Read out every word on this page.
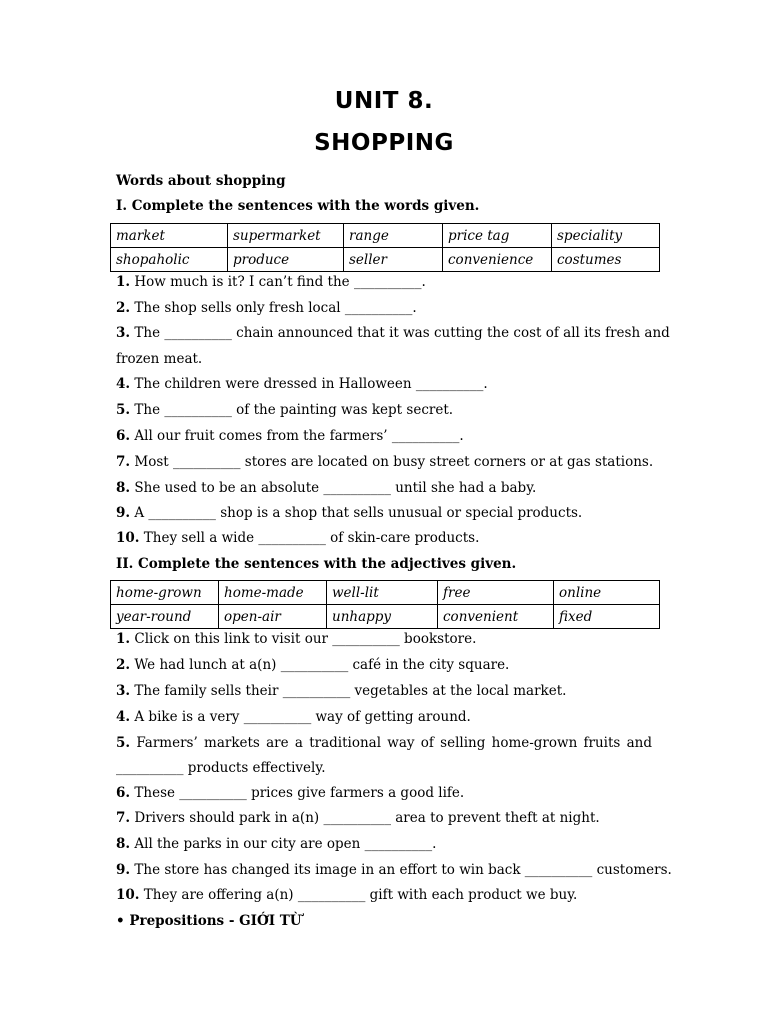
UNIT 8.
SHOPPING
Words about shopping
I. Complete the sentences with the words given.
market	supermarket	range	price tag	speciality
shopaholic	produce	seller	convenience	costumes
1. How much is it? I can’t find the __________.
2. The shop sells only fresh local __________.
3. The __________ chain announced that it was cutting the cost of all its fresh and
frozen meat.
4. The children were dressed in Halloween __________.
5. The __________ of the painting was kept secret.
6. All our fruit comes from the farmers’ __________.
7. Most __________ stores are located on busy street corners or at gas stations.
8. She used to be an absolute __________ until she had a baby.
9. A __________ shop is a shop that sells unusual or special products.
10. They sell a wide __________ of skin-care products.
II. Complete the sentences with the adjectives given.
home-grown	home-made	well-lit	free	online
year-round	open-air	unhappy	convenient	fixed
1. Click on this link to visit our __________ bookstore.
2. We had lunch at a(n) __________ café in the city square.
3. The family sells their __________ vegetables at the local market.
4. A bike is a very __________ way of getting around.
5. Farmers’ markets are a traditional way of selling home-grown fruits and
__________ products effectively.
6. These __________ prices give farmers a good life.
7. Drivers should park in a(n) __________ area to prevent theft at night.
8. All the parks in our city are open __________.
9. The store has changed its image in an effort to win back __________ customers.
10. They are offering a(n) __________ gift with each product we buy.
• Prepositions - GIỚI TỪ
